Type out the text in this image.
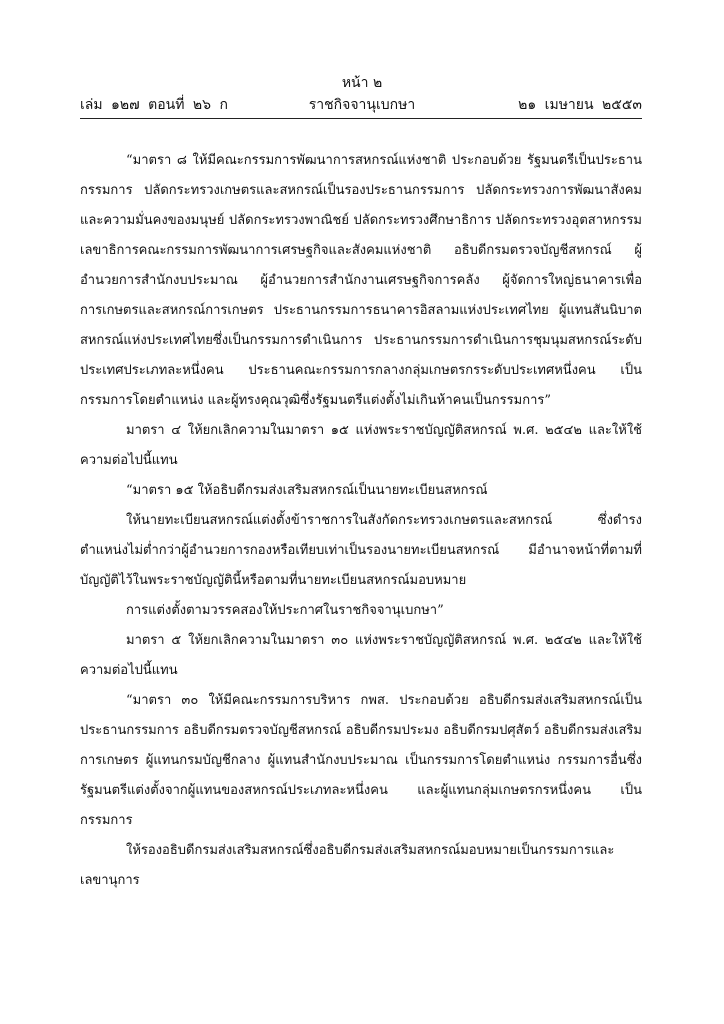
หน้า ๒
เล่ม ๑๒๗ ตอนที่ ๒๖ ก	ราชกิจจานุเบกษา	๒๑ เมษายน ๒๕๕๓

“มาตรา ๘ ให้มีคณะกรรมการพัฒนาการสหกรณ์แห่งชาติ ประกอบด้วย รัฐมนตรีเป็นประธานกรรมการ ปลัดกระทรวงเกษตรและสหกรณ์เป็นรองประธานกรรมการ ปลัดกระทรวงการพัฒนาสังคมและความมั่นคงของมนุษย์ ปลัดกระทรวงพาณิชย์ ปลัดกระทรวงศึกษาธิการ ปลัดกระทรวงอุตสาหกรรม เลขาธิการคณะกรรมการพัฒนาการเศรษฐกิจและสังคมแห่งชาติ อธิบดีกรมตรวจบัญชีสหกรณ์ ผู้อำนวยการสำนักงบประมาณ ผู้อำนวยการสำนักงานเศรษฐกิจการคลัง ผู้จัดการใหญ่ธนาคารเพื่อการเกษตรและสหกรณ์การเกษตร ประธานกรรมการธนาคารอิสลามแห่งประเทศไทย ผู้แทนสันนิบาตสหกรณ์แห่งประเทศไทยซึ่งเป็นกรรมการดำเนินการ ประธานกรรมการดำเนินการชุมนุมสหกรณ์ระดับประเทศประเภทละหนึ่งคน ประธานคณะกรรมการกลางกลุ่มเกษตรกรระดับประเทศหนึ่งคน เป็นกรรมการโดยตำแหน่ง และผู้ทรงคุณวุฒิซึ่งรัฐมนตรีแต่งตั้งไม่เกินห้าคนเป็นกรรมการ”

มาตรา ๔ ให้ยกเลิกความในมาตรา ๑๕ แห่งพระราชบัญญัติสหกรณ์ พ.ศ. ๒๕๔๒ และให้ใช้ความต่อไปนี้แทน

“มาตรา ๑๕ ให้อธิบดีกรมส่งเสริมสหกรณ์เป็นนายทะเบียนสหกรณ์

ให้นายทะเบียนสหกรณ์แต่งตั้งข้าราชการในสังกัดกระทรวงเกษตรและสหกรณ์ ซึ่งดำรงตำแหน่งไม่ต่ำกว่าผู้อำนวยการกองหรือเทียบเท่าเป็นรองนายทะเบียนสหกรณ์ มีอำนาจหน้าที่ตามที่บัญญัติไว้ในพระราชบัญญัตินี้หรือตามที่นายทะเบียนสหกรณ์มอบหมาย

การแต่งตั้งตามวรรคสองให้ประกาศในราชกิจจานุเบกษา”

มาตรา ๕ ให้ยกเลิกความในมาตรา ๓๐ แห่งพระราชบัญญัติสหกรณ์ พ.ศ. ๒๕๔๒ และให้ใช้ความต่อไปนี้แทน

“มาตรา ๓๐ ให้มีคณะกรรมการบริหาร กพส. ประกอบด้วย อธิบดีกรมส่งเสริมสหกรณ์เป็นประธานกรรมการ อธิบดีกรมตรวจบัญชีสหกรณ์ อธิบดีกรมประมง อธิบดีกรมปศุสัตว์ อธิบดีกรมส่งเสริมการเกษตร ผู้แทนกรมบัญชีกลาง ผู้แทนสำนักงบประมาณ เป็นกรรมการโดยตำแหน่ง กรรมการอื่นซึ่งรัฐมนตรีแต่งตั้งจากผู้แทนของสหกรณ์ประเภทละหนึ่งคน และผู้แทนกลุ่มเกษตรกรหนึ่งคน เป็นกรรมการ

ให้รองอธิบดีกรมส่งเสริมสหกรณ์ซึ่งอธิบดีกรมส่งเสริมสหกรณ์มอบหมายเป็นกรรมการและเลขานุการ
